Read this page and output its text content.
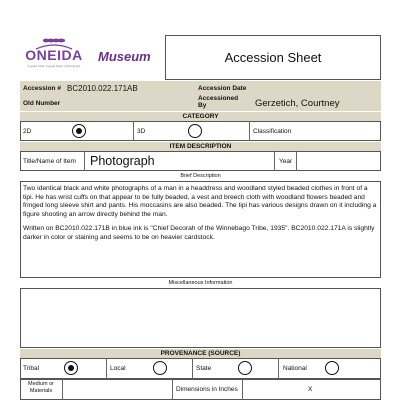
ONEIDA
A good mind, A good heart, A strong fire
Museum	Accession Sheet
Accession # BC2010.022.171AB	Accession Date
Old Number
Accessioned By	Gerzetich, Courtney
CATEGORY
2D	3D	Classification
ITEM DESCRIPTION
Title/Name of Item Photograph	Year
Brief Description

Two identical black and white photographs of a man in a headdress and woodland styled beaded clothes in front of a tipi. He has wrist cuffs on that appear to be fully beaded, a vest and breech cloth with woodland flowers beaded and fringed long sleeve shirt and pants. His moccasins are also beaded. The tipi has various designs drawn on it including a figure shooting an arrow directly behind the man.

Written on BC2010.022.171B in blue ink is "Chief Decorah of the Winnebago Tribe, 1935". BC2010.022.171A is slightly darker in color or staining and seems to be on heavier cardstock.

Miscellaneous Information
PROVENANCE (SOURCE)
Tribal	Local	State	National
Medium or Materials	Dimensions in Inches	X
